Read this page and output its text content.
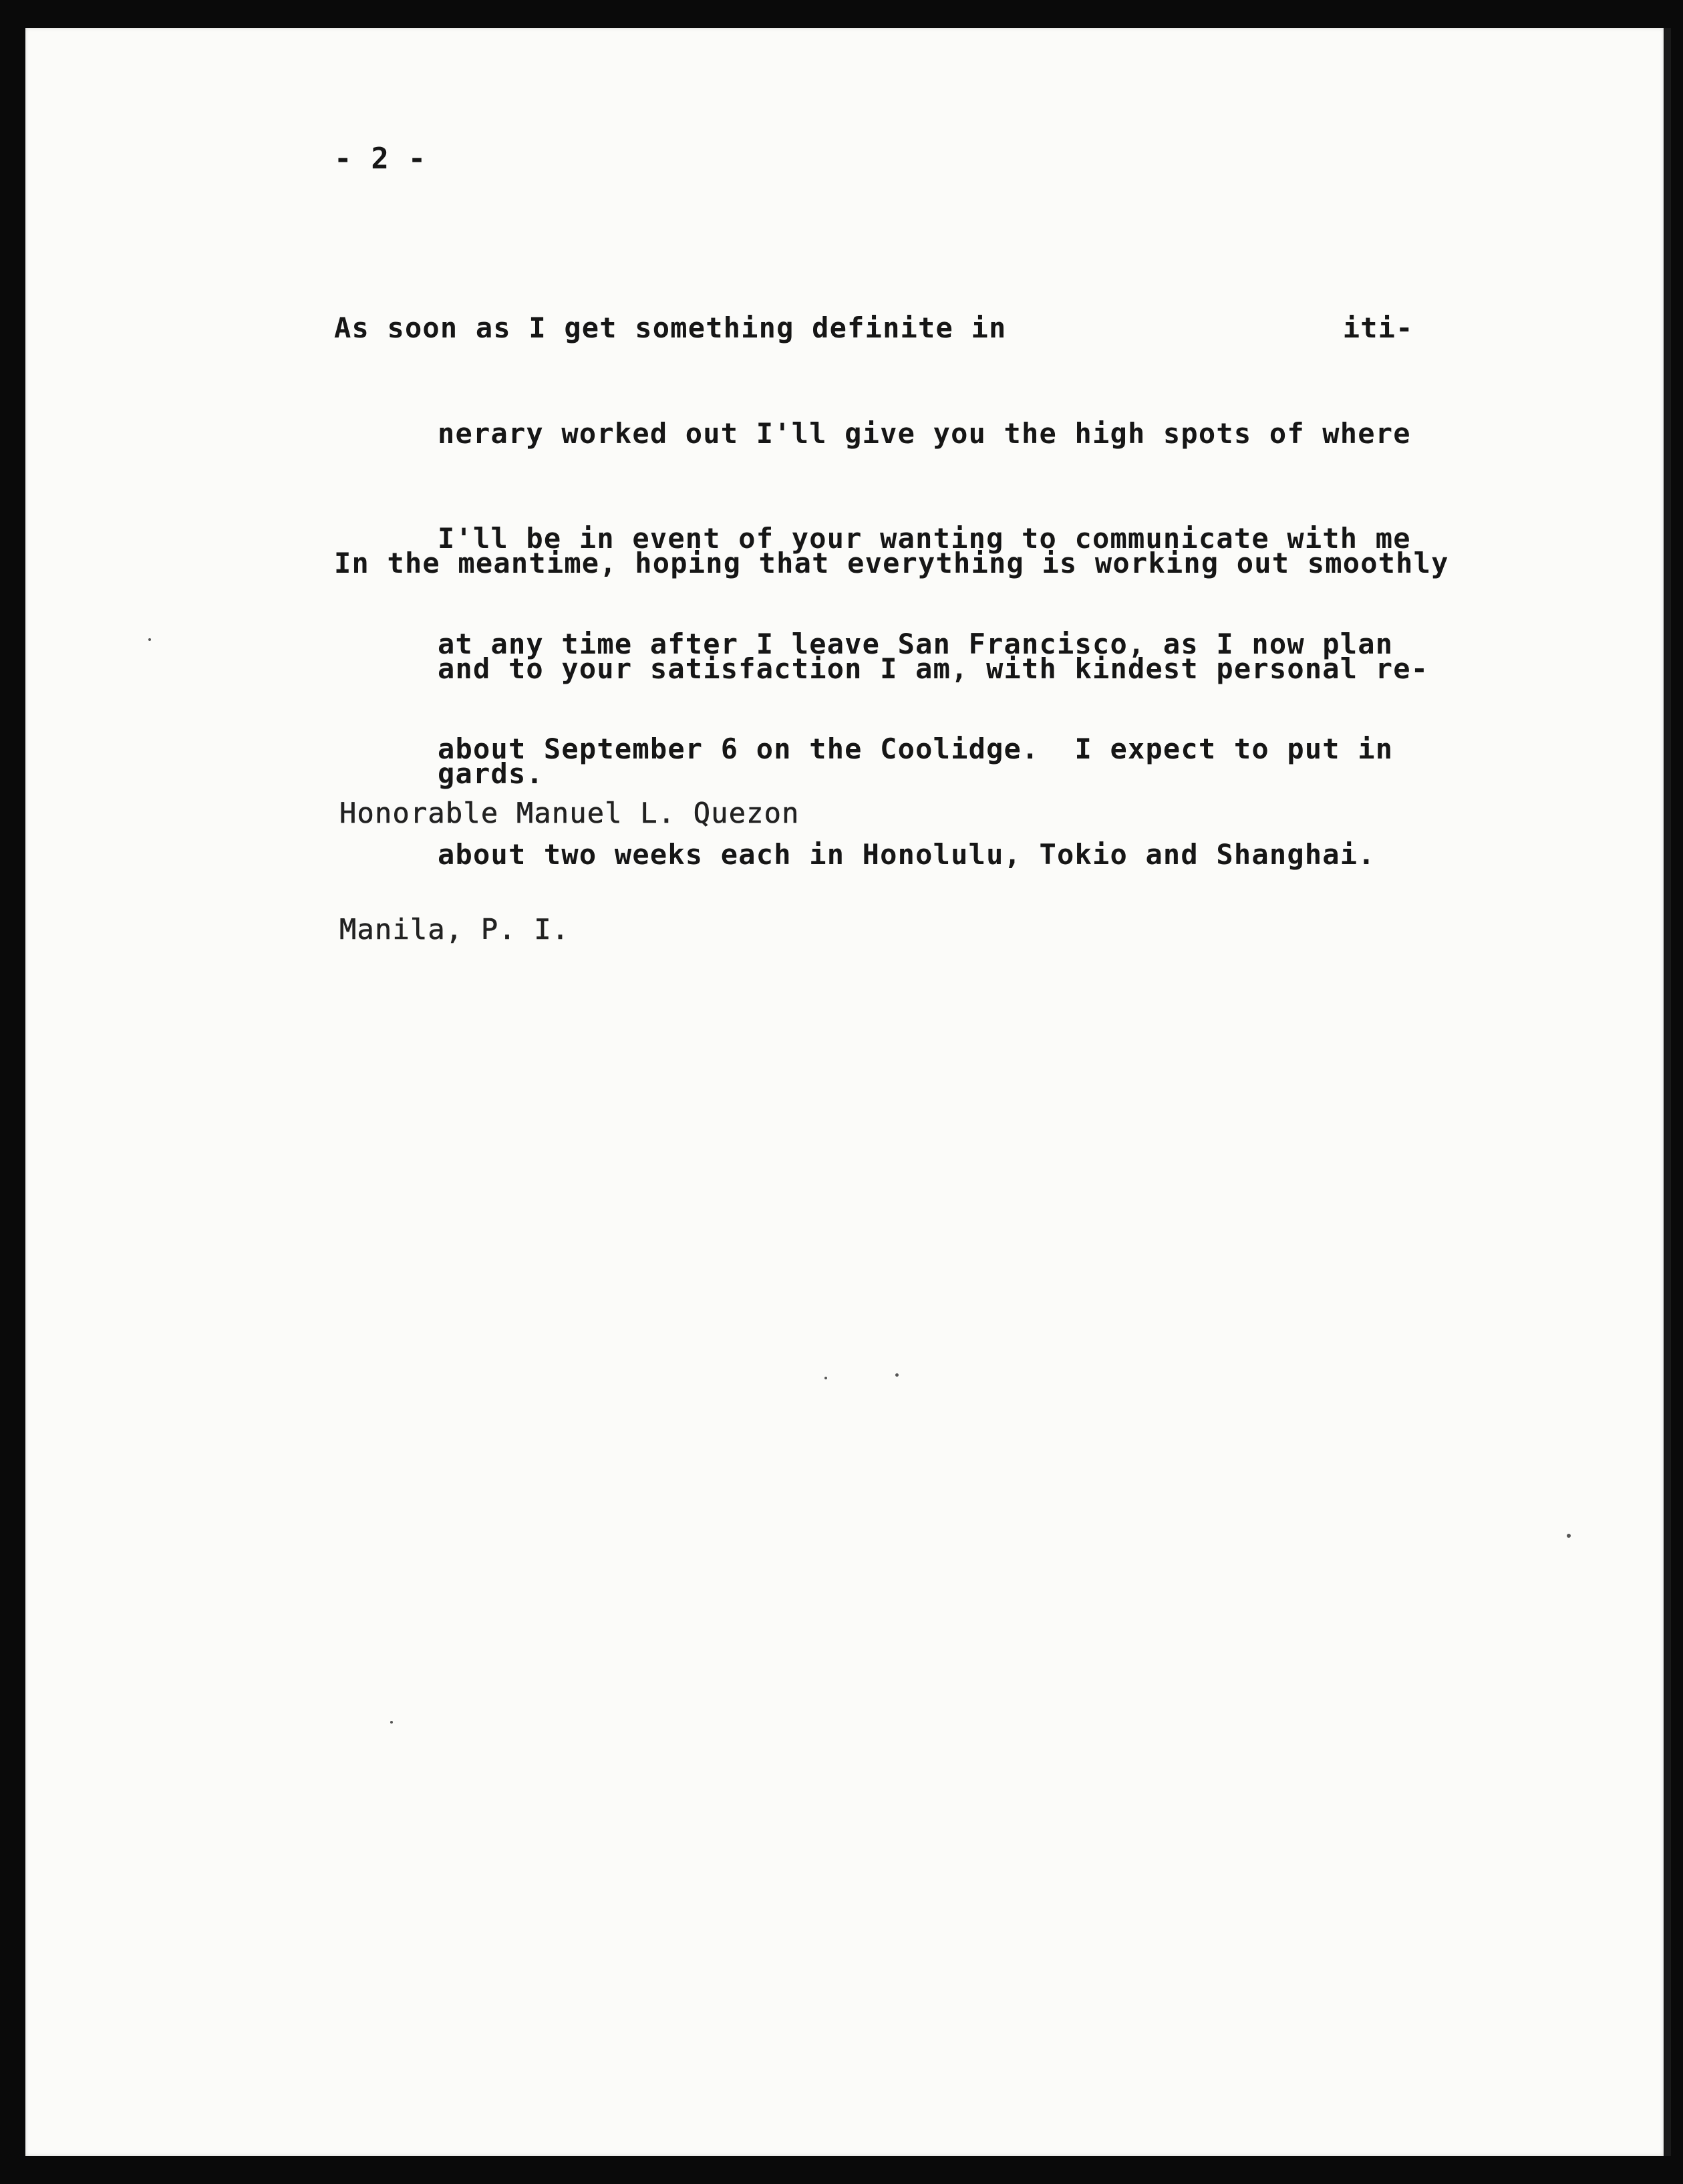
- 2 -

As soon as I get something definite in                   iti-

nerary worked out I'll give you the high spots of where

I'll be in event of your wanting to communicate with me

at any time after I leave San Francisco, as I now plan

about September 6 on the Coolidge.  I expect to put in

about two weeks each in Honolulu, Tokio and Shanghai.

In the meantime, hoping that everything is working out smoothly

and to your satisfaction I am, with kindest personal re-

gards.

Honorable Manuel L. Quezon

Manila, P. I.
